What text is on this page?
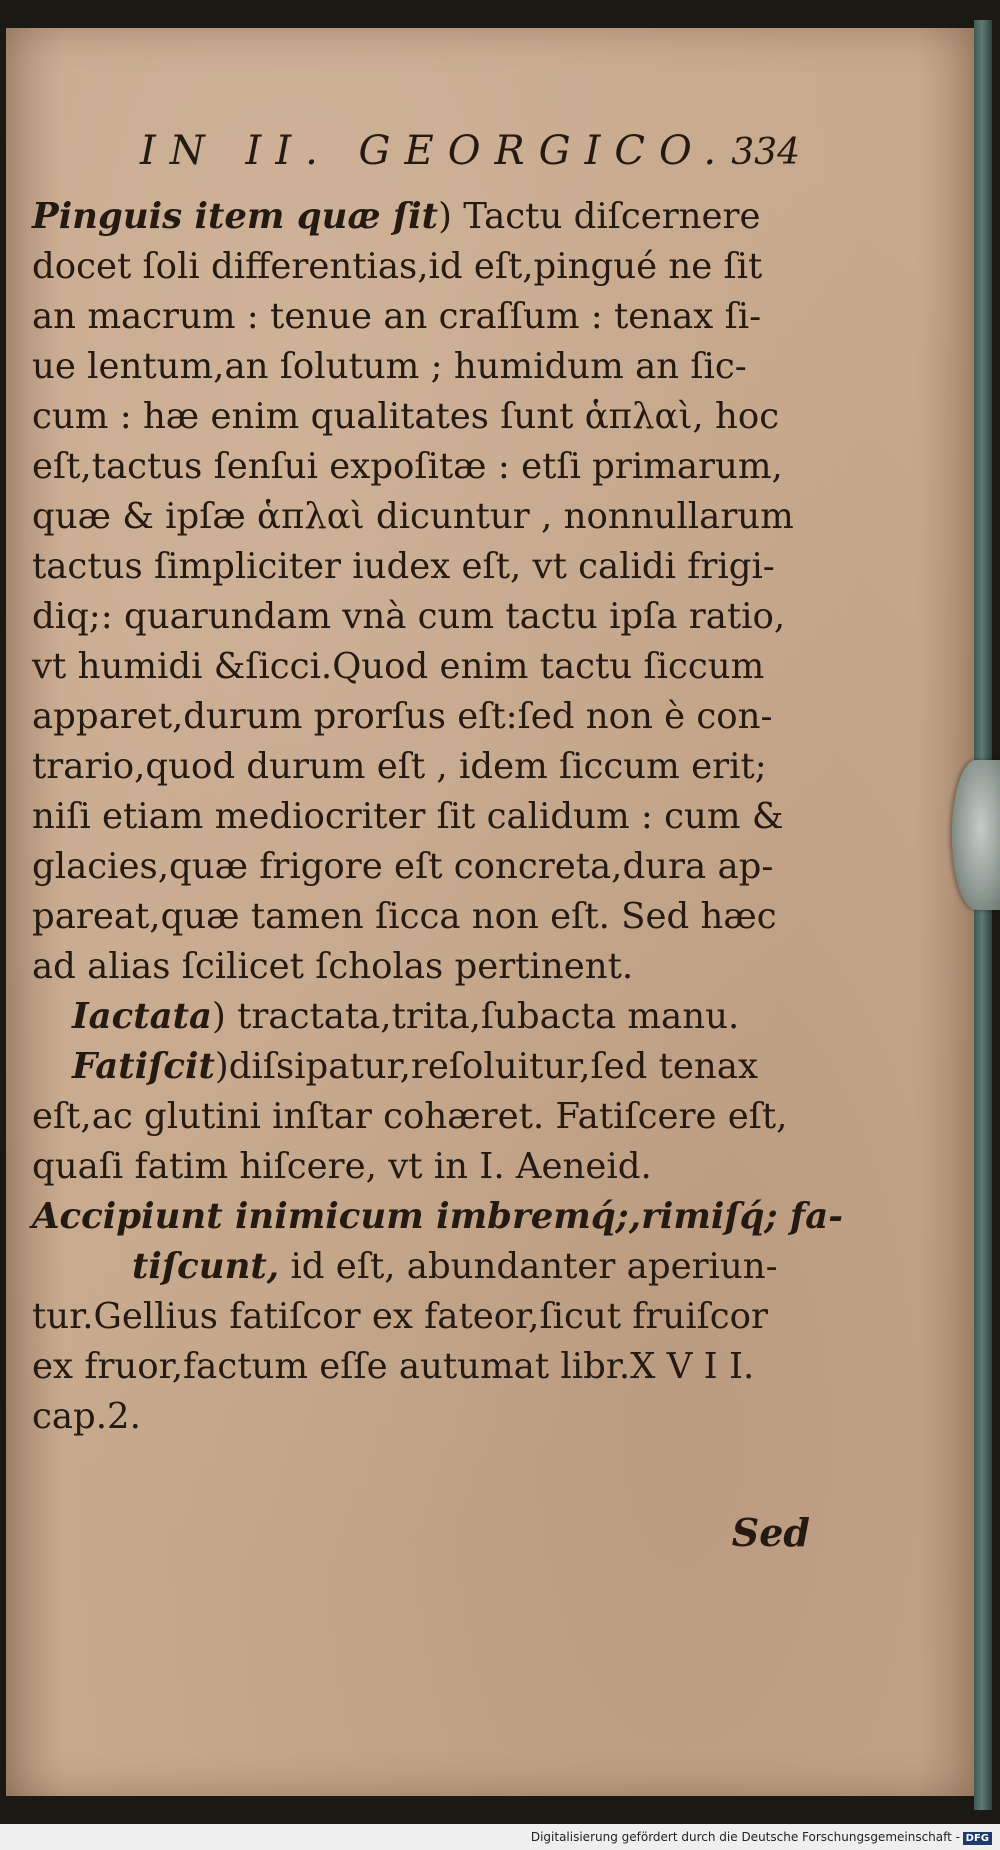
IN II. GEORGICO. 334
Pinguis item quæ ſit) Tactu diſcernere
docet ſoli differentias,id eſt,pingué ne ſit
an macrum : tenue an craſſum : tenax ſi-
ue lentum,an ſolutum ; humidum an ſic-
cum : hæ enim qualitates ſunt ἁπλαὶ, hoc
eſt,tactus ſenſui expoſitæ : etſi primarum,
quæ & ipſæ ἁπλαὶ dicuntur , nonnullarum
tactus ſimpliciter iudex eſt, vt calidi frigi-
diq;: quarundam vnà cum tactu ipſa ratio,
vt humidi &ſicci.Quod enim tactu ſiccum
apparet,durum prorſus eſt:ſed non è con-
trario,quod durum eſt , idem ſiccum erit;
niſi etiam mediocriter ſit calidum : cum &
glacies,quæ frigore eſt concreta,dura ap-
pareat,quæ tamen ſicca non eſt. Sed hæc
ad alias ſcilicet ſcholas pertinent.
Iactata) tractata,trita,ſubacta manu.
Fatiſcit)diſsipatur,reſoluitur,ſed tenax
eſt,ac glutini inſtar cohæret. Fatiſcere eſt,
quaſi fatim hiſcere, vt in I. Aeneid.
Accipiunt inimicum imbremq́;,rimiſq́; fa-
tiſcunt, id eſt, abundanter aperiun-
tur.Gellius fatiſcor ex fateor,ſicut fruiſcor
ex fruor,factum eſſe autumat libr.X V I I.
cap.2.
Sed
Digitalisierung gefördert durch die Deutsche Forschungsgemeinschaft - DFG
